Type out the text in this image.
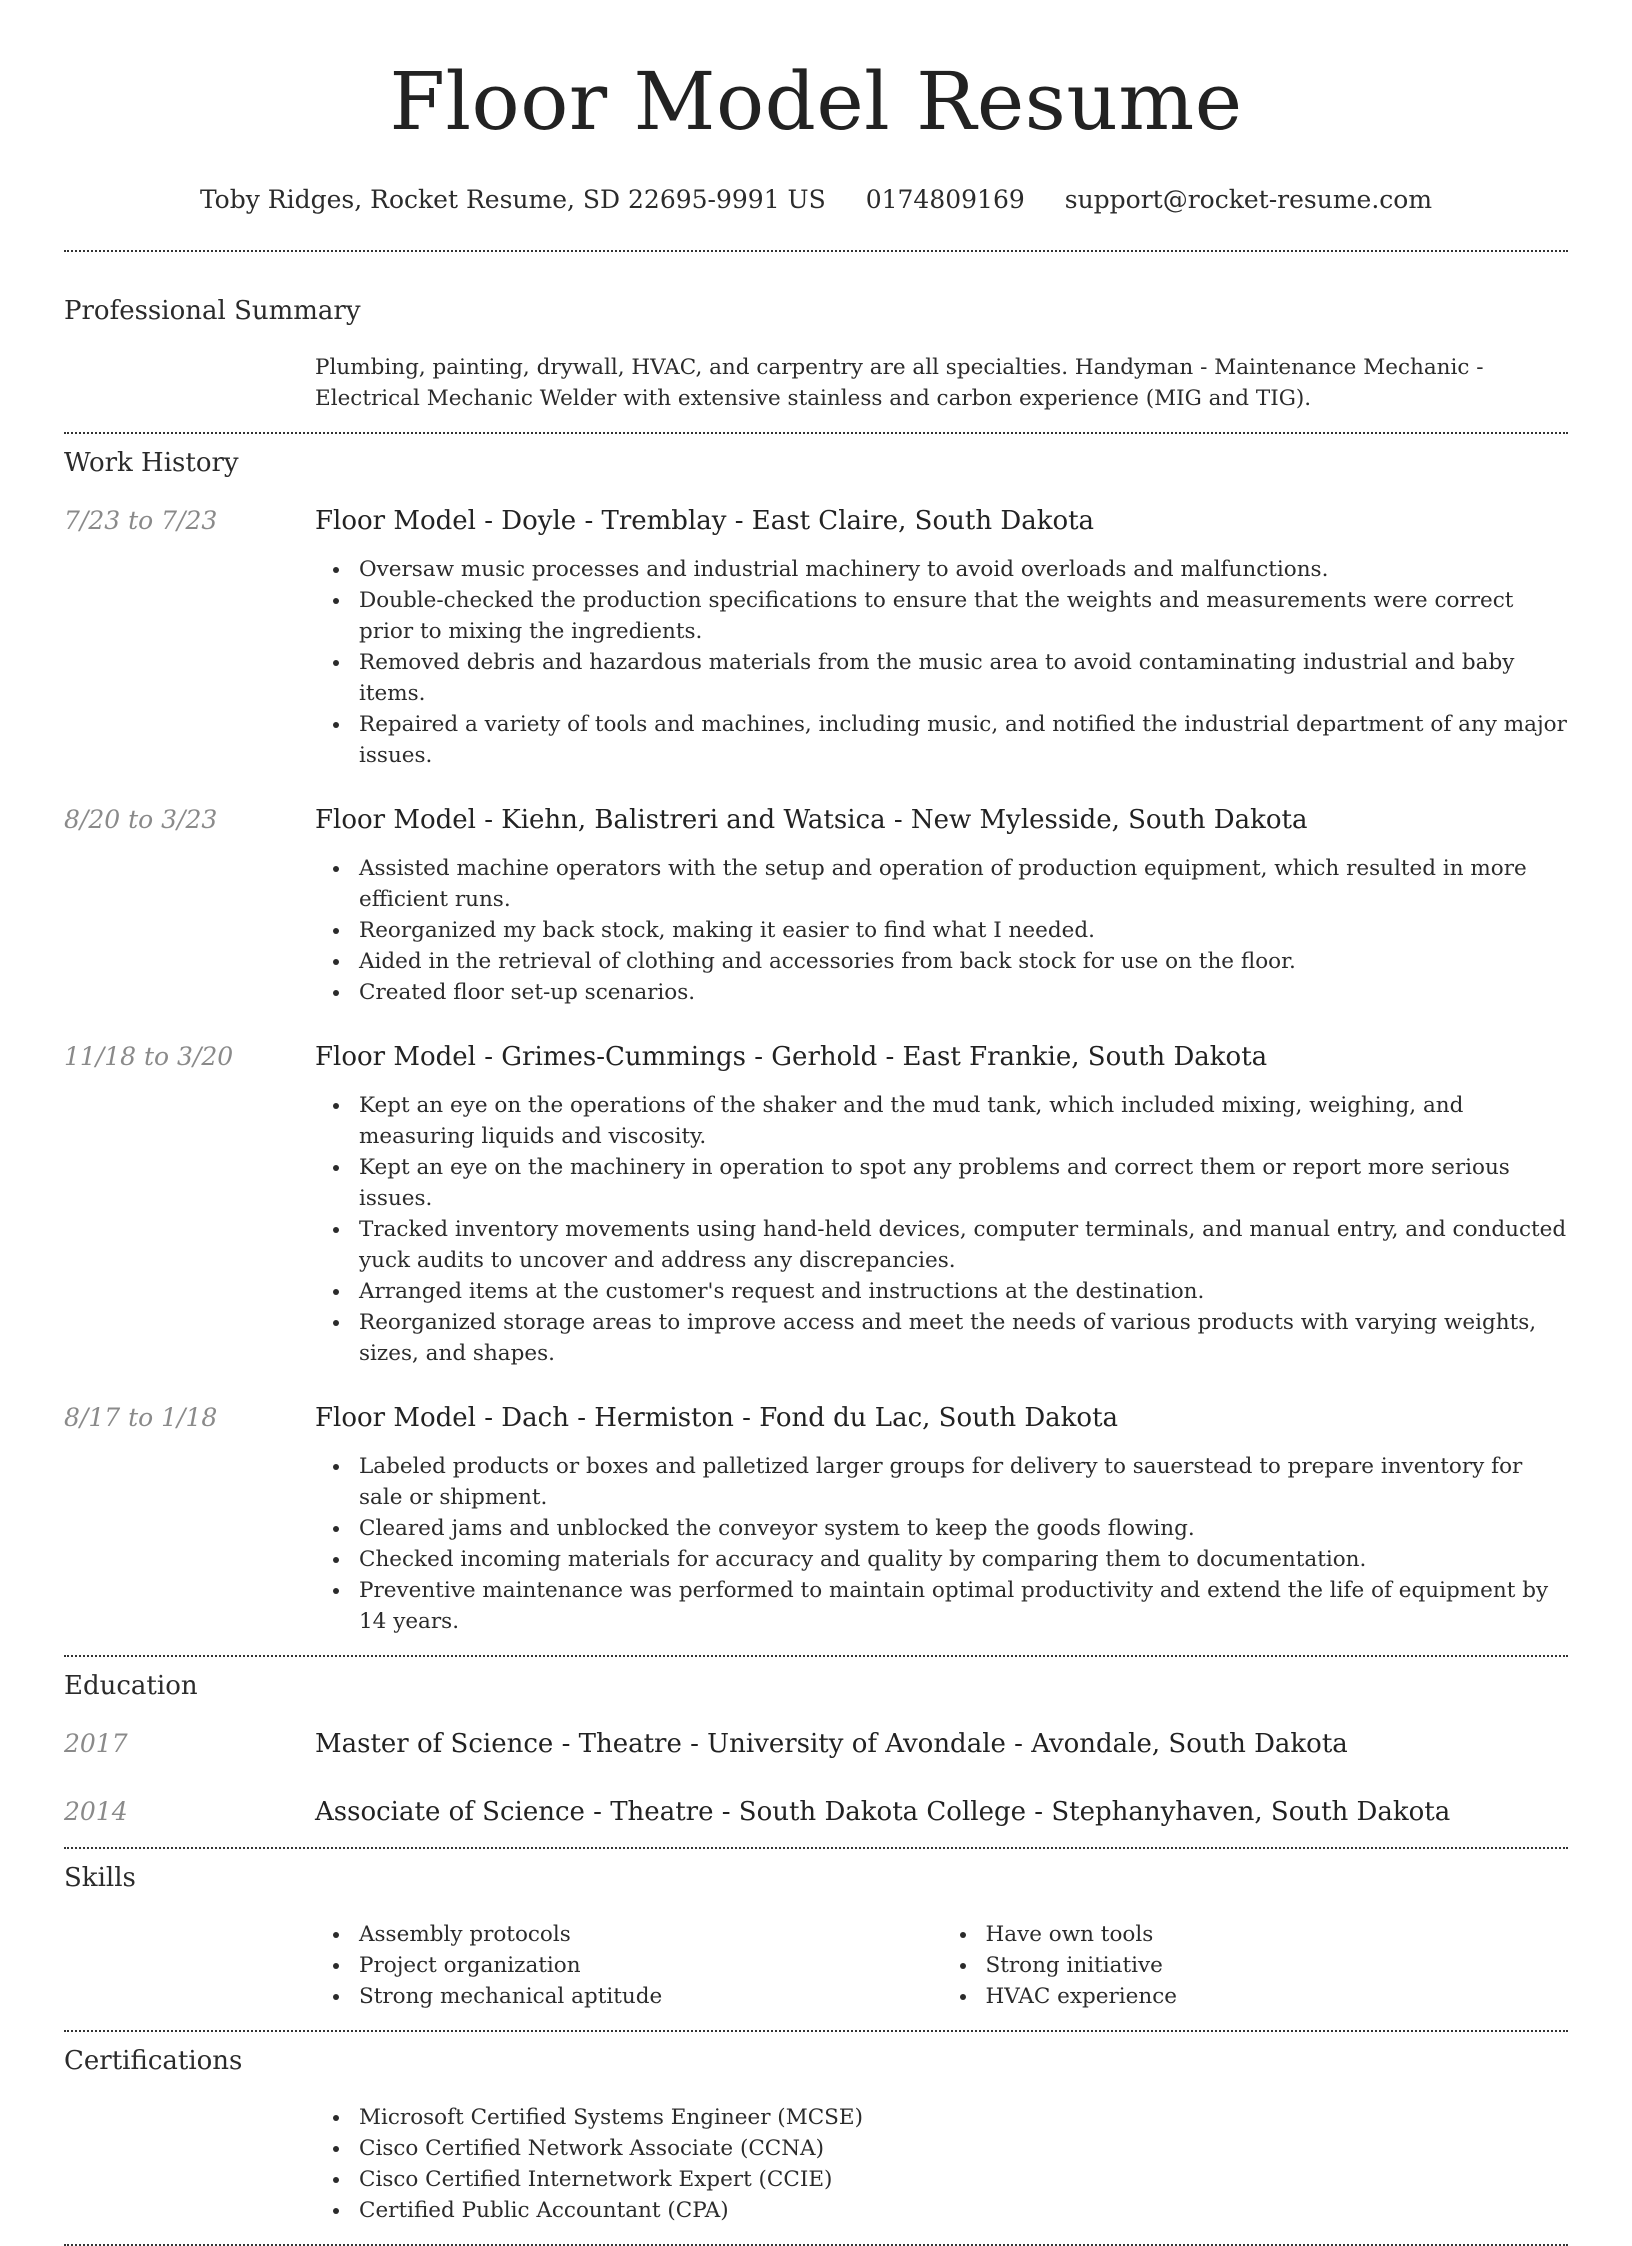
Floor Model Resume
Toby Ridges, Rocket Resume, SD 22695-9991 US 0174809169 support@rocket-resume.com
Professional Summary
Plumbing, painting, drywall, HVAC, and carpentry are all specialties. Handyman - Maintenance Mechanic - Electrical Mechanic Welder with extensive stainless and carbon experience (MIG and TIG).
Work History
7/23 to 7/23	Floor Model - Doyle - Tremblay - East Claire, South Dakota
Oversaw music processes and industrial machinery to avoid overloads and malfunctions.
Double-checked the production specifications to ensure that the weights and measurements were correct prior to mixing the ingredients.
Removed debris and hazardous materials from the music area to avoid contaminating industrial and baby items.
Repaired a variety of tools and machines, including music, and notified the industrial department of any major issues.
8/20 to 3/23	Floor Model - Kiehn, Balistreri and Watsica - New Mylesside, South Dakota
Assisted machine operators with the setup and operation of production equipment, which resulted in more efficient runs.
Reorganized my back stock, making it easier to find what I needed.
Aided in the retrieval of clothing and accessories from back stock for use on the floor.
Created floor set-up scenarios.
11/18 to 3/20	Floor Model - Grimes-Cummings - Gerhold - East Frankie, South Dakota
Kept an eye on the operations of the shaker and the mud tank, which included mixing, weighing, and measuring liquids and viscosity.
Kept an eye on the machinery in operation to spot any problems and correct them or report more serious issues.
Tracked inventory movements using hand-held devices, computer terminals, and manual entry, and conducted yuck audits to uncover and address any discrepancies.
Arranged items at the customer's request and instructions at the destination.
Reorganized storage areas to improve access and meet the needs of various products with varying weights, sizes, and shapes.
8/17 to 1/18	Floor Model - Dach - Hermiston - Fond du Lac, South Dakota
Labeled products or boxes and palletized larger groups for delivery to sauerstead to prepare inventory for sale or shipment.
Cleared jams and unblocked the conveyor system to keep the goods flowing.
Checked incoming materials for accuracy and quality by comparing them to documentation.
Preventive maintenance was performed to maintain optimal productivity and extend the life of equipment by 14 years.
Education
2017	Master of Science - Theatre - University of Avondale - Avondale, South Dakota
2014	Associate of Science - Theatre - South Dakota College - Stephanyhaven, South Dakota
Skills
Assembly protocols
Project organization
Strong mechanical aptitude
Have own tools
Strong initiative
HVAC experience
Certifications
Microsoft Certified Systems Engineer (MCSE)
Cisco Certified Network Associate (CCNA)
Cisco Certified Internetwork Expert (CCIE)
Certified Public Accountant (CPA)
